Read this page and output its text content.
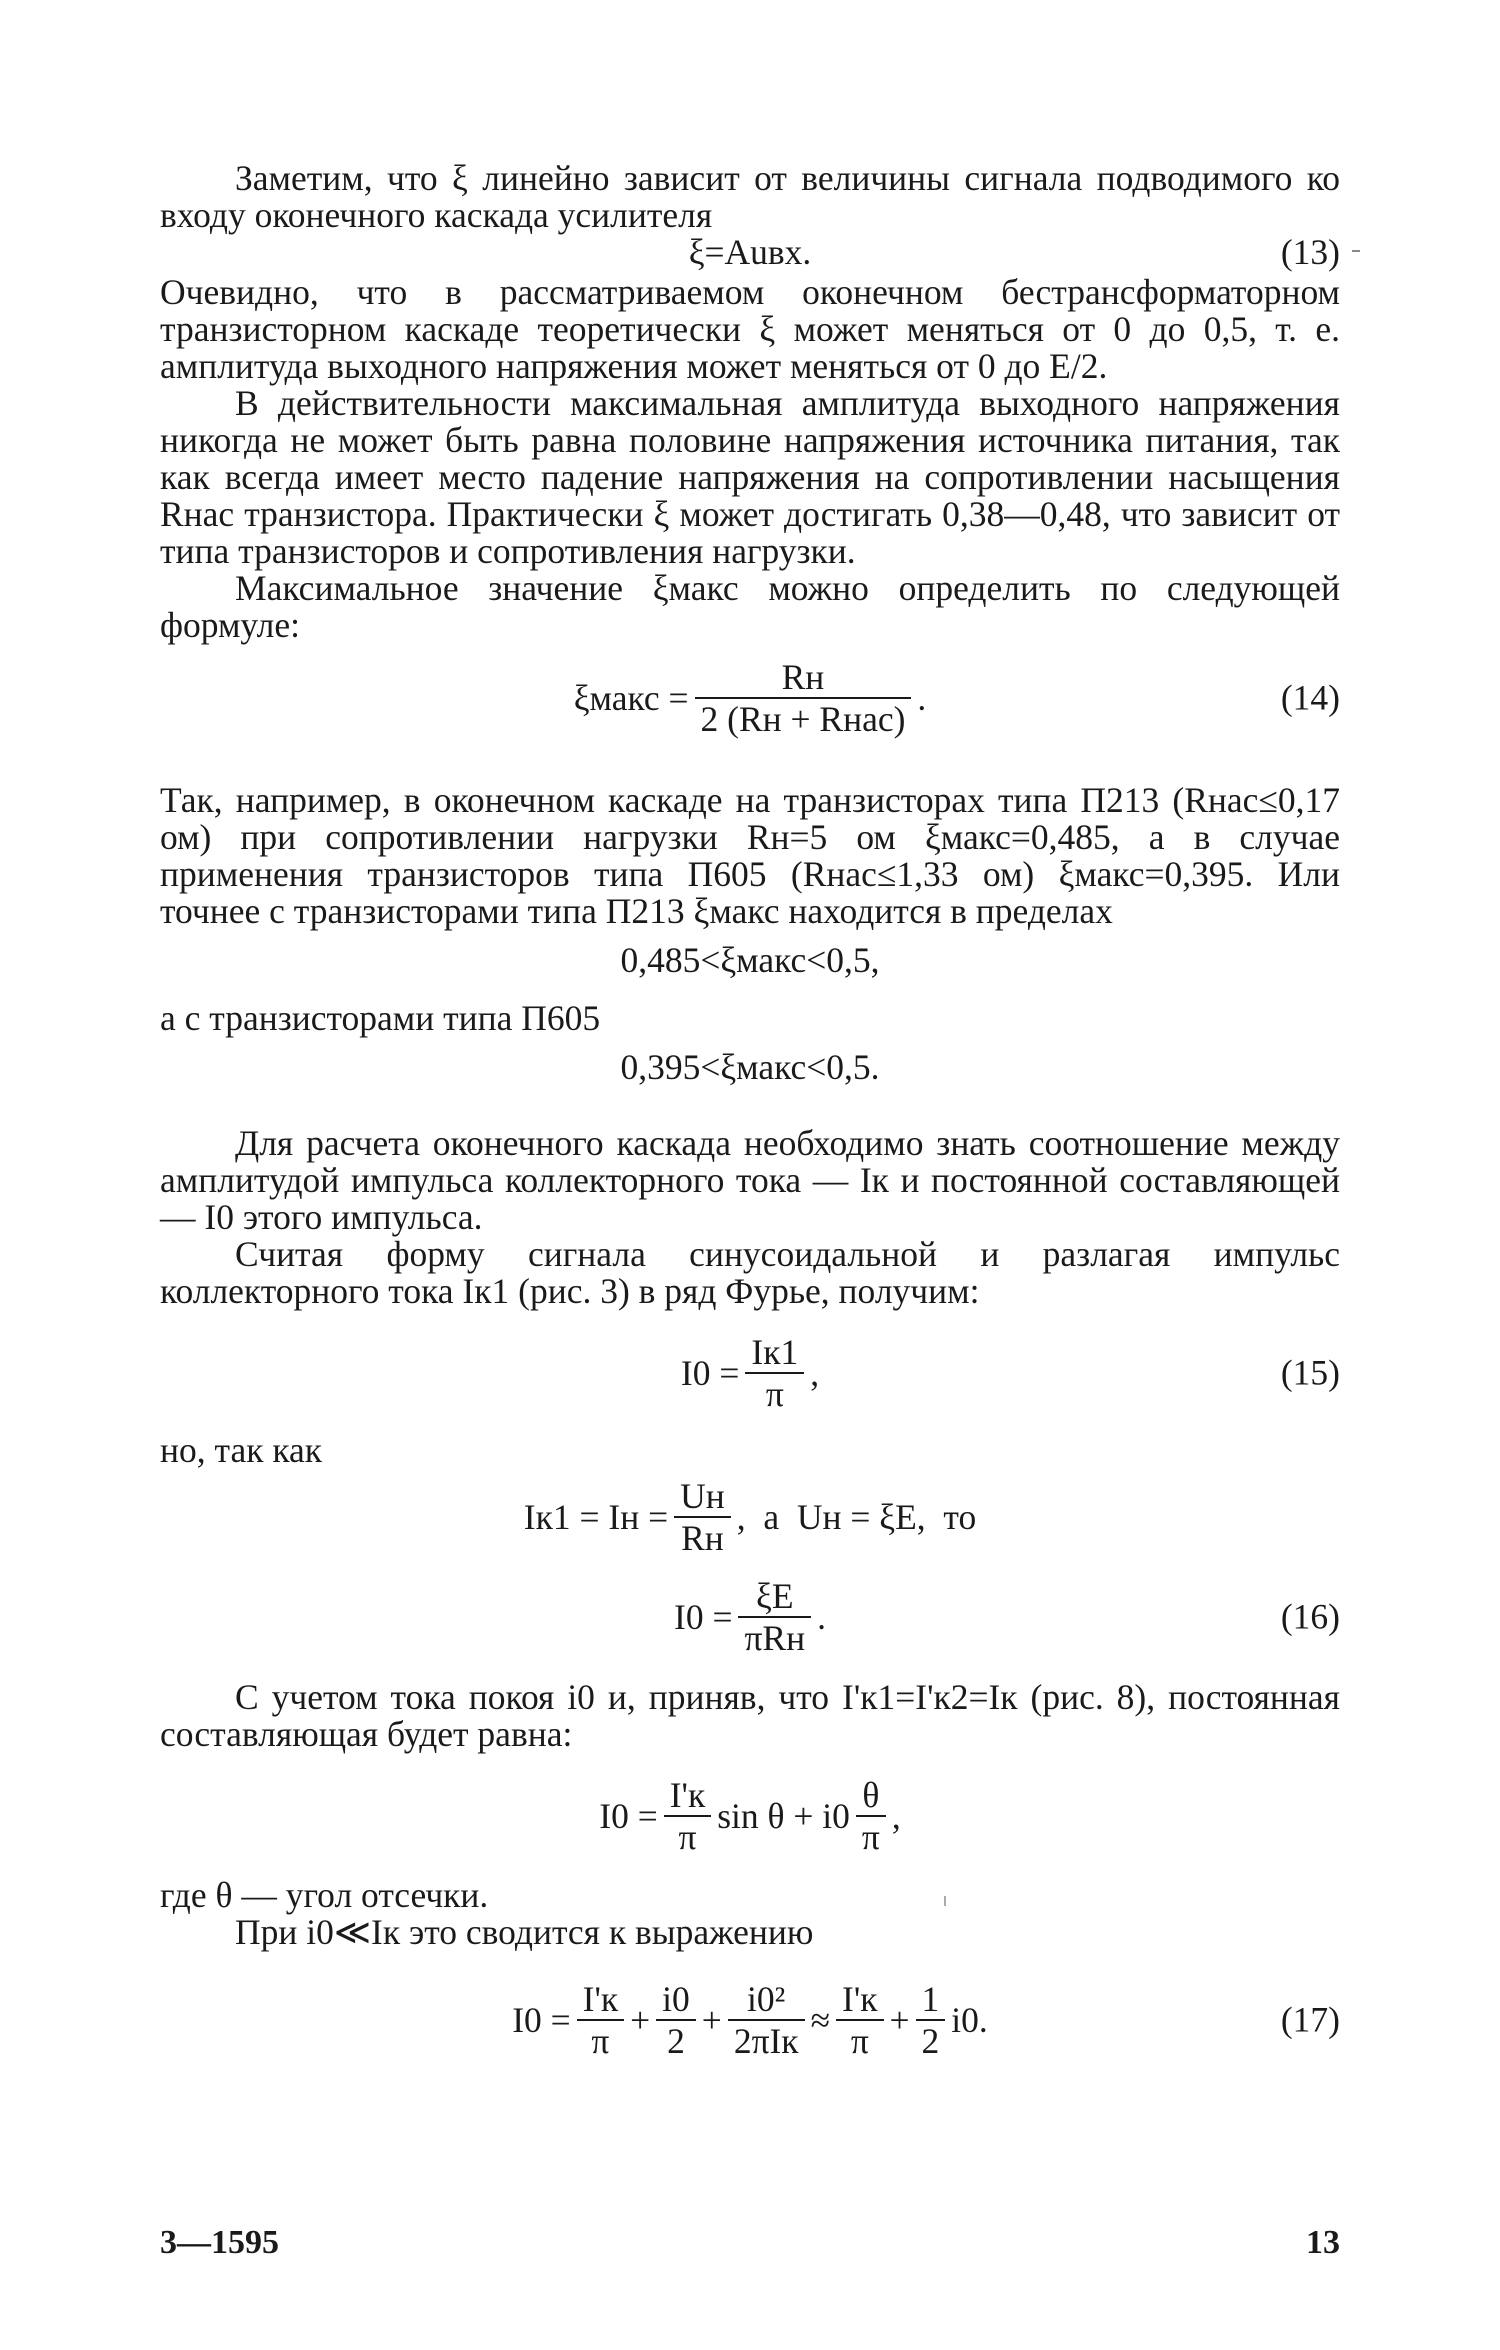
Заметим, что ξ линейно зависит от величины сигнала подводимого ко входу оконечного каскада усилителя

ξ=Auвх.	(13)

Очевидно, что в рассматриваемом оконечном бестрансформаторном транзисторном каскаде теоретически ξ может меняться от 0 до 0,5, т. е. амплитуда выходного напряжения может меняться от 0 до E/2.

В действительности максимальная амплитуда выходного напряжения никогда не может быть равна половине напряжения источника питания, так как всегда имеет место падение напряжения на сопротивлении насыщения Rнас транзистора. Практически ξ может достигать 0,38—0,48, что зависит от типа транзисторов и сопротивления нагрузки.

Максимальное значение ξмакс можно определить по следующей формуле:

ξмакс = $\frac{Rн}{\text{2 (Rн + Rнас)}}$ .	(14)

Так, например, в оконечном каскаде на транзисторах типа П213 (Rнас≤0,17 ом) при сопротивлении нагрузки Rн=5 ом ξмакс=0,485, а в случае применения транзисторов типа П605 (Rнас≤1,33 ом) ξмакс=0,395. Или точнее с транзисторами типа П213 ξмакс находится в пределах

0,485<ξмакс<0,5,

а с транзисторами типа П605

0,395<ξмакс<0,5.

Для расчета оконечного каскада необходимо знать соотношение между амплитудой импульса коллекторного тока — Iк и постоянной составляющей — I0 этого импульса.

Считая форму сигнала синусоидальной и разлагая импульс коллекторного тока Iк1 (рис. 3) в ряд Фурье, получим:

$I0 = \frac{Iк1}{\pi}$ ,	(15)

но, так как

Iк1 = Iн = $\frac{Uн}{Rн}$ ,  а  Uн = ξE,  то
$I0 = \frac{\xi E}{\text{πRн}}$ .	(16)

С учетом тока покоя i0 и, приняв, что I'к1=I'к2=Iк (рис. 8), постоянная составляющая будет равна:

$I0 = \frac{I'к}{\pi}$ $\sin \theta + i0 \frac{\theta}{\pi}$ ,

где θ — угол отсечки.

При i0≪Iк это сводится к выражению

$I0 = \frac{I'к}{\pi} + \frac{i0}{2} + \frac{\text{i0²}}{\text{2πIк}} \approx \frac{I'к}{\pi} + \frac{1}{2} i0$.	(17)
3—1595	13
